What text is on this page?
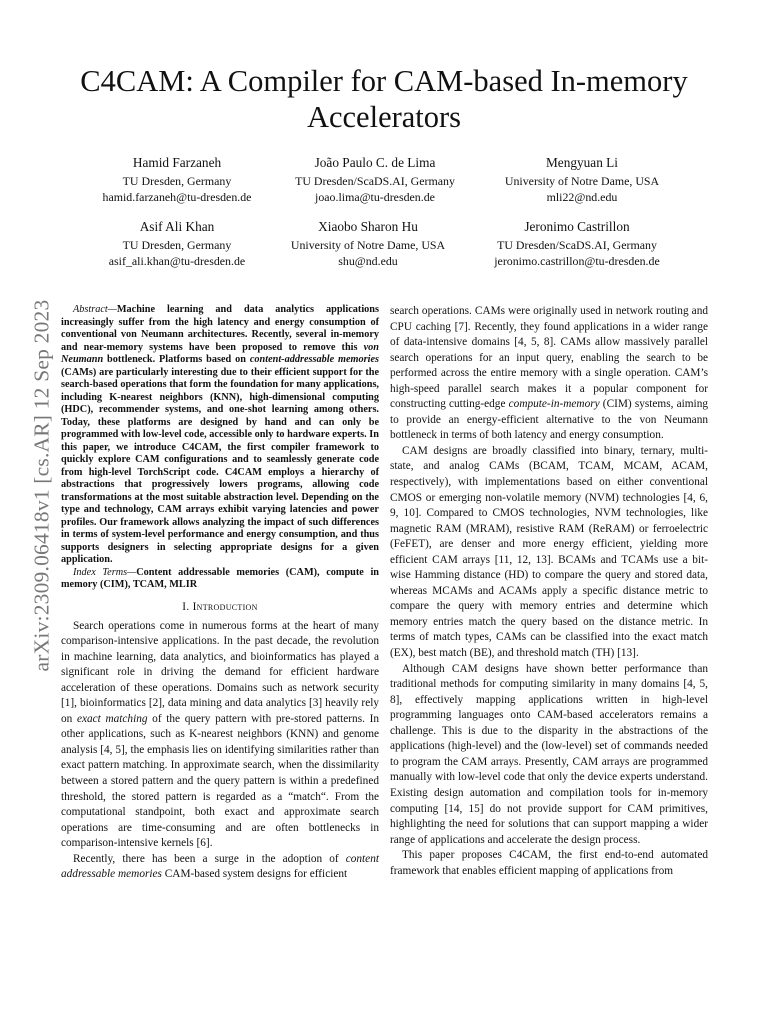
arXiv:2309.06418v1 [cs.AR] 12 Sep 2023
C4CAM: A Compiler for CAM-based In-memory Accelerators
Hamid Farzaneh
TU Dresden, Germany
hamid.farzaneh@tu-dresden.de
João Paulo C. de Lima
TU Dresden/ScaDS.AI, Germany
joao.lima@tu-dresden.de
Mengyuan Li
University of Notre Dame, USA
mli22@nd.edu
Asif Ali Khan
TU Dresden, Germany
asif_ali.khan@tu-dresden.de
Xiaobo Sharon Hu
University of Notre Dame, USA
shu@nd.edu
Jeronimo Castrillon
TU Dresden/ScaDS.AI, Germany
jeronimo.castrillon@tu-dresden.de

Abstract—Machine learning and data analytics applications increasingly suffer from the high latency and energy consumption of conventional von Neumann architectures. Recently, several in-memory and near-memory systems have been proposed to remove this von Neumann bottleneck. Platforms based on content-addressable memories (CAMs) are particularly interesting due to their efficient support for the search-based operations that form the foundation for many applications, including K-nearest neighbors (KNN), high-dimensional computing (HDC), recommender systems, and one-shot learning among others. Today, these platforms are designed by hand and can only be programmed with low-level code, accessible only to hardware experts. In this paper, we introduce C4CAM, the first compiler framework to quickly explore CAM configurations and to seamlessly generate code from high-level TorchScript code. C4CAM employs a hierarchy of abstractions that progressively lowers programs, allowing code transformations at the most suitable abstraction level. Depending on the type and technology, CAM arrays exhibit varying latencies and power profiles. Our framework allows analyzing the impact of such differences in terms of system-level performance and energy consumption, and thus supports designers in selecting appropriate designs for a given application.

Index Terms—Content addressable memories (CAM), compute in memory (CIM), TCAM, MLIR

I. Introduction

Search operations come in numerous forms at the heart of many comparison-intensive applications. In the past decade, the revolution in machine learning, data analytics, and bioinformatics has played a significant role in driving the demand for efficient hardware acceleration of these operations. Domains such as network security [1], bioinformatics [2], data mining and data analytics [3] heavily rely on exact matching of the query pattern with pre-stored patterns. In other applications, such as K-nearest neighbors (KNN) and genome analysis [4, 5], the emphasis lies on identifying similarities rather than exact pattern matching. In approximate search, when the dissimilarity between a stored pattern and the query pattern is within a predefined threshold, the stored pattern is regarded as a “match“. From the computational standpoint, both exact and approximate search operations are time-consuming and are often bottlenecks in comparison-intensive kernels [6].

Recently, there has been a surge in the adoption of content addressable memories CAM-based system designs for efficient

search operations. CAMs were originally used in network routing and CPU caching [7]. Recently, they found applications in a wider range of data-intensive domains [4, 5, 8]. CAMs allow massively parallel search operations for an input query, enabling the search to be performed across the entire memory with a single operation. CAM’s high-speed parallel search makes it a popular component for constructing cutting-edge compute-in-memory (CIM) systems, aiming to provide an energy-efficient alternative to the von Neumann bottleneck in terms of both latency and energy consumption.

CAM designs are broadly classified into binary, ternary, multi-state, and analog CAMs (BCAM, TCAM, MCAM, ACAM, respectively), with implementations based on either conventional CMOS or emerging non-volatile memory (NVM) technologies [4, 6, 9, 10]. Compared to CMOS technologies, NVM technologies, like magnetic RAM (MRAM), resistive RAM (ReRAM) or ferroelectric (FeFET), are denser and more energy efficient, yielding more efficient CAM arrays [11, 12, 13]. BCAMs and TCAMs use a bit-wise Hamming distance (HD) to compare the query and stored data, whereas MCAMs and ACAMs apply a specific distance metric to compare the query with memory entries and determine which memory entries match the query based on the distance metric. In terms of match types, CAMs can be classified into the exact match (EX), best match (BE), and threshold match (TH) [13].

Although CAM designs have shown better performance than traditional methods for computing similarity in many domains [4, 5, 8], effectively mapping applications written in high-level programming languages onto CAM-based accelerators remains a challenge. This is due to the disparity in the abstractions of the applications (high-level) and the (low-level) set of commands needed to program the CAM arrays. Presently, CAM arrays are programmed manually with low-level code that only the device experts understand. Existing design automation and compilation tools for in-memory computing [14, 15] do not provide support for CAM primitives, highlighting the need for solutions that can support mapping a wider range of applications and accelerate the design process.

This paper proposes C4CAM, the first end-to-end automated framework that enables efficient mapping of applications from
